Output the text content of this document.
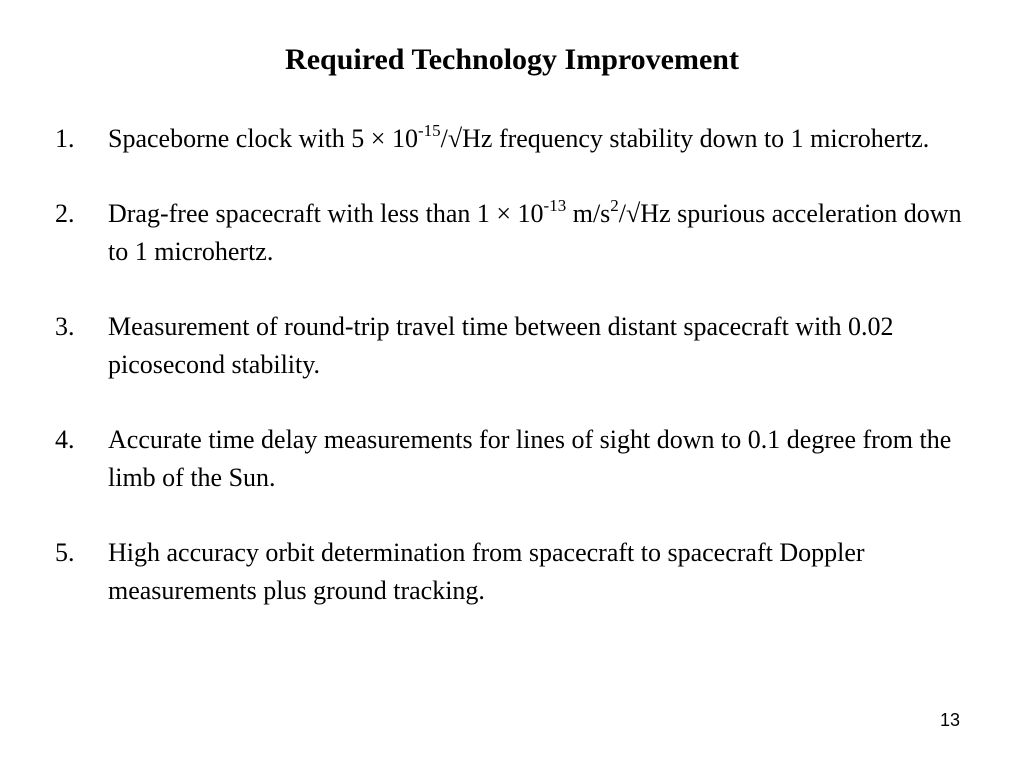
Required Technology Improvement
1.	Spaceborne clock with $5 \times 10^{-15}/√Hz$ frequency stability down to 1 microhertz.
2.	Drag-free spacecraft with less than $1 \times 10^{-13}$ $m/s^2/√Hz$ spurious acceleration down to 1 microhertz.
3.	Measurement of round-trip travel time between distant spacecraft with 0.02 picosecond stability.
4.	Accurate time delay measurements for lines of sight down to 0.1 degree from the limb of the Sun.
5.	High accuracy orbit determination from spacecraft to spacecraft Doppler measurements plus ground tracking.
13
